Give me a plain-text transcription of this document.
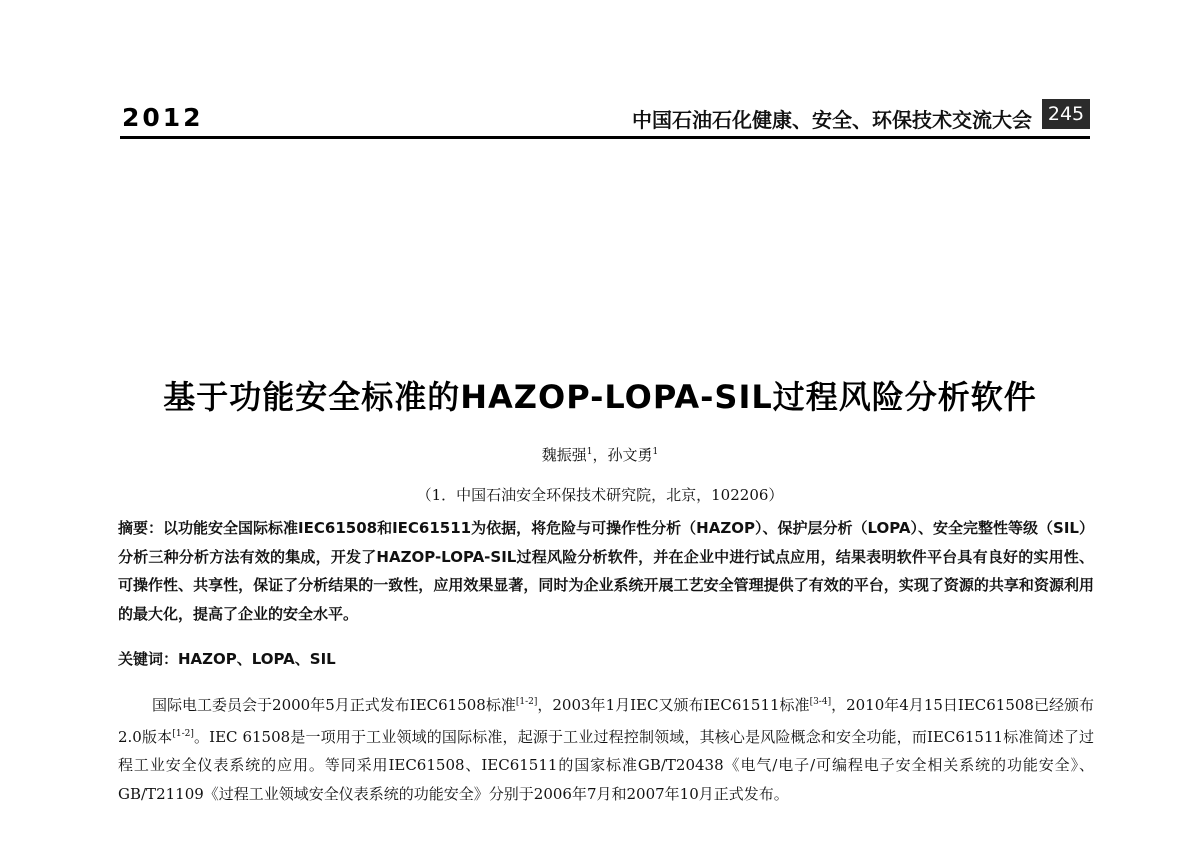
2012	中国石油石化健康、安全、环保技术交流大会 245
基于功能安全标准的HAZOP-LOPA-SIL过程风险分析软件
魏振强$^1$，孙文勇$^1$
（1．中国石油安全环保技术研究院，北京，102206）
摘要：以功能安全国际标准IEC61508和IEC61511为依据，将危险与可操作性分析（HAZOP）、保护层分析（LOPA）、安全完整性等级（SIL）分析三种分析方法有效的集成，开发了HAZOP-LOPA-SIL过程风险分析软件，并在企业中进行试点应用，结果表明软件平台具有良好的实用性、可操作性、共享性，保证了分析结果的一致性，应用效果显著，同时为企业系统开展工艺安全管理提供了有效的平台，实现了资源的共享和资源利用的最大化，提高了企业的安全水平。
关键词：HAZOP、LOPA、SIL
国际电工委员会于2000年5月正式发布IEC61508标准[1-2]，2003年1月IEC又颁布IEC61511标准[3-4]，2010年4月15日IEC61508已经颁布2.0版本[1-2]。IEC 61508是一项用于工业领域的国际标准，起源于工业过程控制领域，其核心是风险概念和安全功能，而IEC61511标准简述了过程工业安全仪表系统的应用。等同采用IEC61508、IEC61511的国家标准GB/T20438《电气/电子/可编程电子安全相关系统的功能安全》、GB/T21109《过程工业领域安全仪表系统的功能安全》分别于2006年7月和2007年10月正式发布。
